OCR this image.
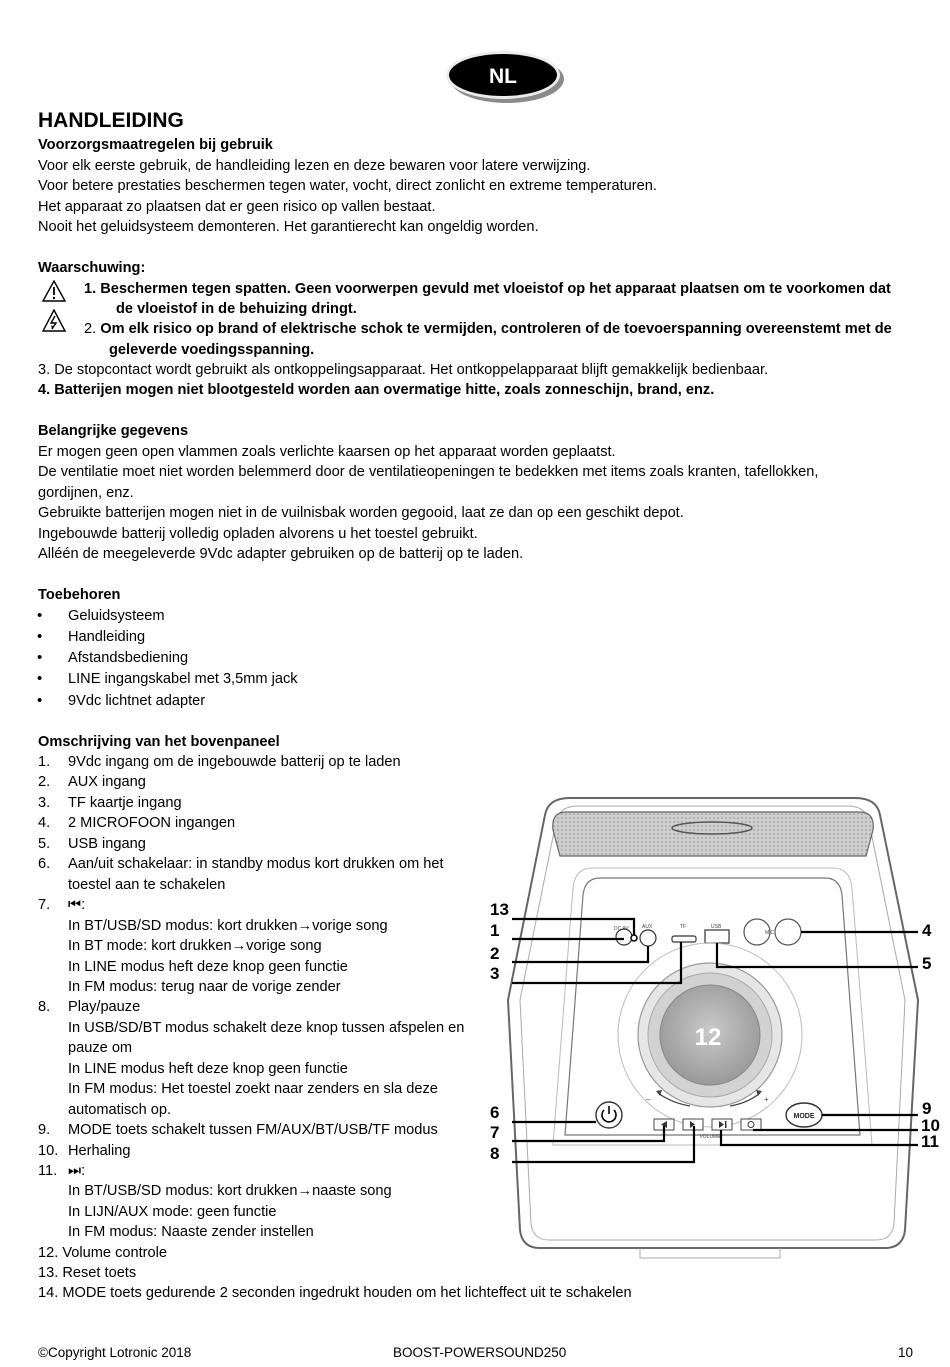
NL
HANDLEIDING
Voorzorgsmaatregelen bij gebruik
Voor elk eerste gebruik, de handleiding lezen en deze bewaren voor latere verwijzing.
Voor betere prestaties beschermen tegen water, vocht, direct zonlicht en extreme temperaturen.
Het apparaat zo plaatsen dat er geen risico op vallen bestaat.
Nooit het geluidsysteem demonteren. Het garantierecht kan ongeldig worden.
Waarschuwing:
1. Beschermen tegen spatten. Geen voorwerpen gevuld met vloeistof op het apparaat plaatsen om te voorkomen dat
de vloeistof in de behuizing dringt.
2. Om elk risico op brand of elektrische schok te vermijden, controleren of de toevoerspanning overeenstemt met de
geleverde voedingsspanning.
3. De stopcontact wordt gebruikt als ontkoppelingsapparaat. Het ontkoppelapparaat blijft gemakkelijk bedienbaar.
4. Batterijen mogen niet blootgesteld worden aan overmatige hitte, zoals zonneschijn, brand, enz.
Belangrijke gegevens
Er mogen geen open vlammen zoals verlichte kaarsen op het apparaat worden geplaatst.
De ventilatie moet niet worden belemmerd door de ventilatieopeningen te bedekken met items zoals kranten, tafellokken,
gordijnen, enz.
Gebruikte batterijen mogen niet in de vuilnisbak worden gegooid, laat ze dan op een geschikt depot.
Ingebouwde batterij volledig opladen alvorens u het toestel gebruikt.
Alléén de meegeleverde 9Vdc adapter gebruiken op de batterij op te laden.
Toebehoren
• Geluidsysteem
• Handleiding
• Afstandsbediening
• LINE ingangskabel met 3,5mm jack
• 9Vdc lichtnet adapter
Omschrijving van het bovenpaneel
1. 9Vdc ingang om de ingebouwde batterij op te laden
2. AUX ingang
3. TF kaartje ingang
4. 2 MICROFOON ingangen
5. USB ingang
6. Aan/uit schakelaar: in standby modus kort drukken om het
toestel aan te schakelen
7. ⏮:
In BT/USB/SD modus: kort drukken→vorige song
In BT mode: kort drukken→vorige song
In LINE modus heft deze knop geen functie
In FM modus: terug naar de vorige zender
8. Play/pauze
In USB/SD/BT modus schakelt deze knop tussen afspelen en
pauze om
In LINE modus heft deze knop geen functie
In FM modus: Het toestel zoekt naar zenders en sla deze
automatisch op.
9. MODE toets schakelt tussen FM/AUX/BT/USB/TF modus
10. Herhaling
11. ⏭:
In BT/USB/SD modus: kort drukken→naaste song
In LIJN/AUX mode: geen functie
In FM modus: Naaste zender instellen
12. Volume controle
13. Reset toets
14. MODE toets gedurende 2 seconden ingedrukt houden om het lichteffect uit te schakelen
DC 9V	AUX	TF	USB
MIC
12
–	+
VOLUME
MODE
13
1
2
3
6
7
8
4
5
9
10
11
©Copyright Lotronic 2018	BOOST-POWERSOUND250	10
